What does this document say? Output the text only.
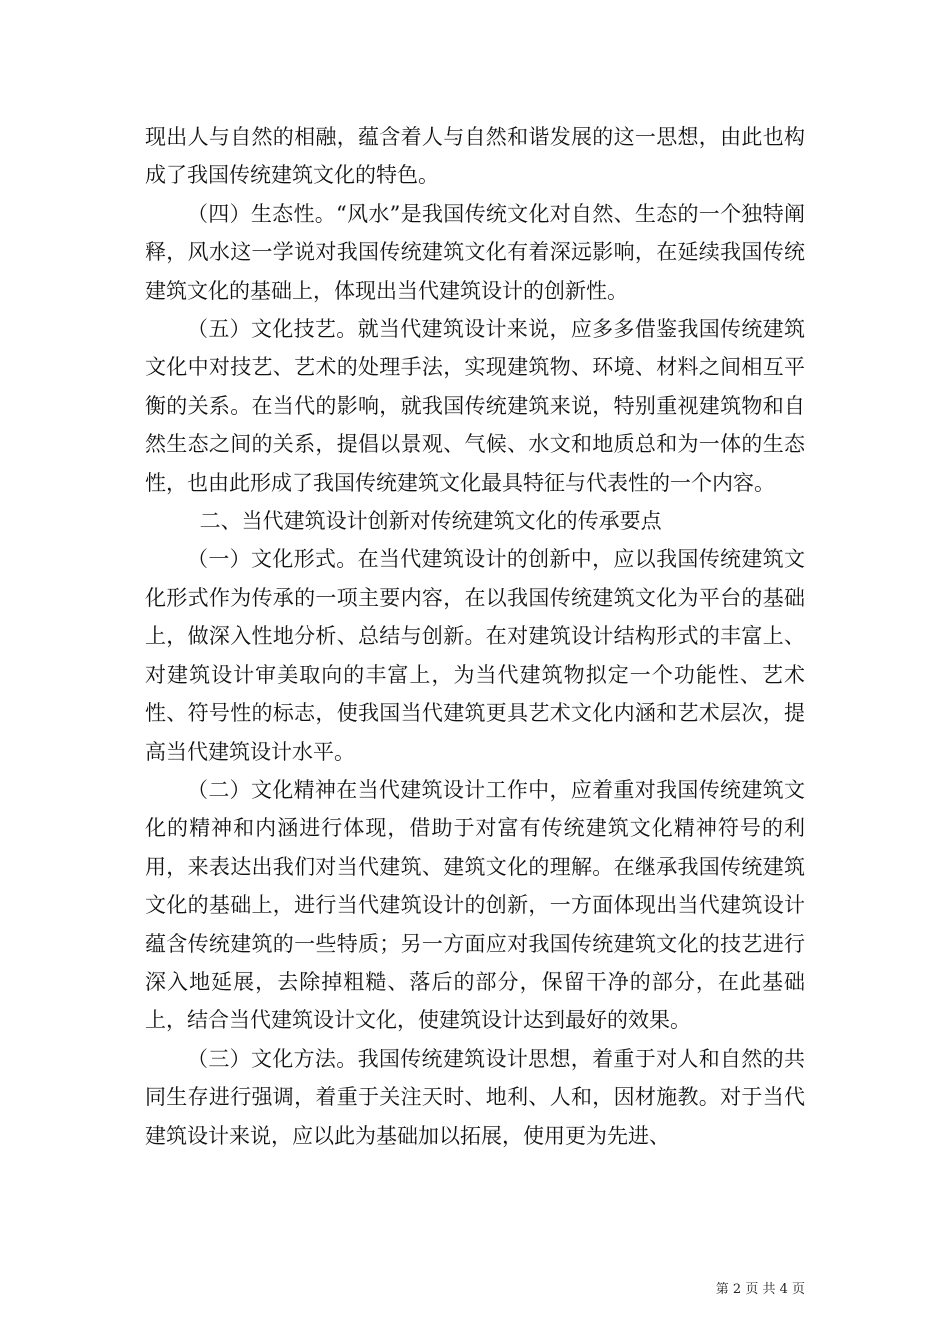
现出人与自然的相融，蕴含着人与自然和谐发展的这一思想，由此也构成了我国传统建筑文化的特色。

（四）生态性。“风水”是我国传统文化对自然、生态的一个独特阐释，风水这一学说对我国传统建筑文化有着深远影响，在延续我国传统建筑文化的基础上，体现出当代建筑设计的创新性。

（五）文化技艺。就当代建筑设计来说，应多多借鉴我国传统建筑文化中对技艺、艺术的处理手法，实现建筑物、环境、材料之间相互平衡的关系。在当代的影响，就我国传统建筑来说，特别重视建筑物和自然生态之间的关系，提倡以景观、气候、水文和地质总和为一体的生态性，也由此形成了我国传统建筑文化最具特征与代表性的一个内容。

二、当代建筑设计创新对传统建筑文化的传承要点

（一）文化形式。在当代建筑设计的创新中，应以我国传统建筑文化形式作为传承的一项主要内容，在以我国传统建筑文化为平台的基础上，做深入性地分析、总结与创新。在对建筑设计结构形式的丰富上、对建筑设计审美取向的丰富上，为当代建筑物拟定一个功能性、艺术性、符号性的标志，使我国当代建筑更具艺术文化内涵和艺术层次，提高当代建筑设计水平。

（二）文化精神在当代建筑设计工作中，应着重对我国传统建筑文化的精神和内涵进行体现，借助于对富有传统建筑文化精神符号的利用，来表达出我们对当代建筑、建筑文化的理解。在继承我国传统建筑文化的基础上，进行当代建筑设计的创新，一方面体现出当代建筑设计蕴含传统建筑的一些特质；另一方面应对我国传统建筑文化的技艺进行深入地延展，去除掉粗糙、落后的部分，保留干净的部分，在此基础上，结合当代建筑设计文化，使建筑设计达到最好的效果。

（三）文化方法。我国传统建筑设计思想，着重于对人和自然的共同生存进行强调，着重于关注天时、地利、人和，因材施教。对于当代建筑设计来说，应以此为基础加以拓展，使用更为先进、

第 2 页 共 4 页
